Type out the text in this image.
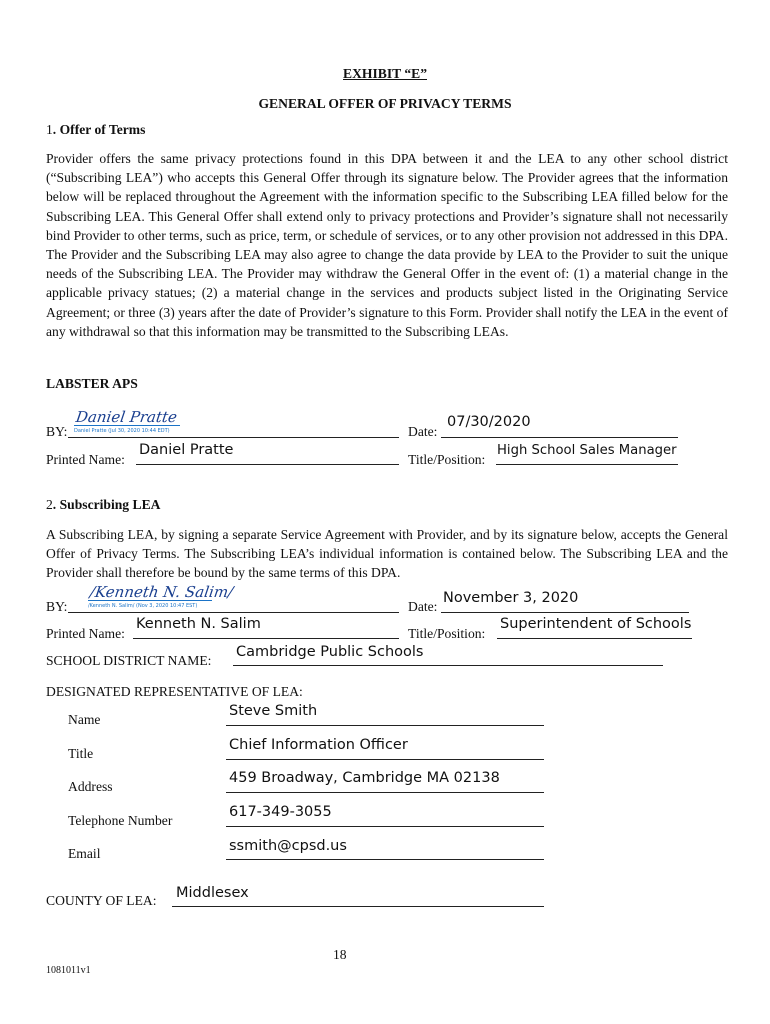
EXHIBIT “E”
GENERAL OFFER OF PRIVACY TERMS
1. Offer of Terms
Provider offers the same privacy protections found in this DPA between it and the LEA to any other school district (“Subscribing LEA”) who accepts this General Offer through its signature below. The Provider agrees that the information below will be replaced throughout the Agreement with the information specific to the Subscribing LEA filled below for the Subscribing LEA. This General Offer shall extend only to privacy protections and Provider’s signature shall not necessarily bind Provider to other terms, such as price, term, or schedule of services, or to any other provision not addressed in this DPA. The Provider and the Subscribing LEA may also agree to change the data provide by LEA to the Provider to suit the unique needs of the Subscribing LEA. The Provider may withdraw the General Offer in the event of: (1) a material change in the applicable privacy statues; (2) a material change in the services and products subject listed in the Originating Service Agreement; or three (3) years after the date of Provider’s signature to this Form. Provider shall notify the LEA in the event of any withdrawal so that this information may be transmitted to the Subscribing LEAs.
LABSTER APS
BY:
Daniel Pratte
Daniel Pratte (Jul 30, 2020 10:44 EDT)	Date:
07/30/2020
Printed Name:
Daniel Pratte
Title/Position:
High School Sales Manager
2. Subscribing LEA
A Subscribing LEA, by signing a separate Service Agreement with Provider, and by its signature below, accepts the General Offer of Privacy Terms. The Subscribing LEA’s individual information is contained below. The Subscribing LEA and the Provider shall therefore be bound by the same terms of this DPA.
BY:
/Kenneth N. Salim/
/Kenneth N. Salim/ (Nov 3, 2020 10:47 EST)	Date:
November 3, 2020
Printed Name:
Kenneth N. Salim
Title/Position:
Superintendent of Schools
SCHOOL DISTRICT NAME:
Cambridge Public Schools
DESIGNATED REPRESENTATIVE OF LEA:
Name
Steve Smith
Title
Chief Information Officer
Address
459 Broadway, Cambridge MA 02138
Telephone Number
617-349-3055
Email	ssmith@cpsd.us
COUNTY OF LEA: Middlesex
18
1081011v1
